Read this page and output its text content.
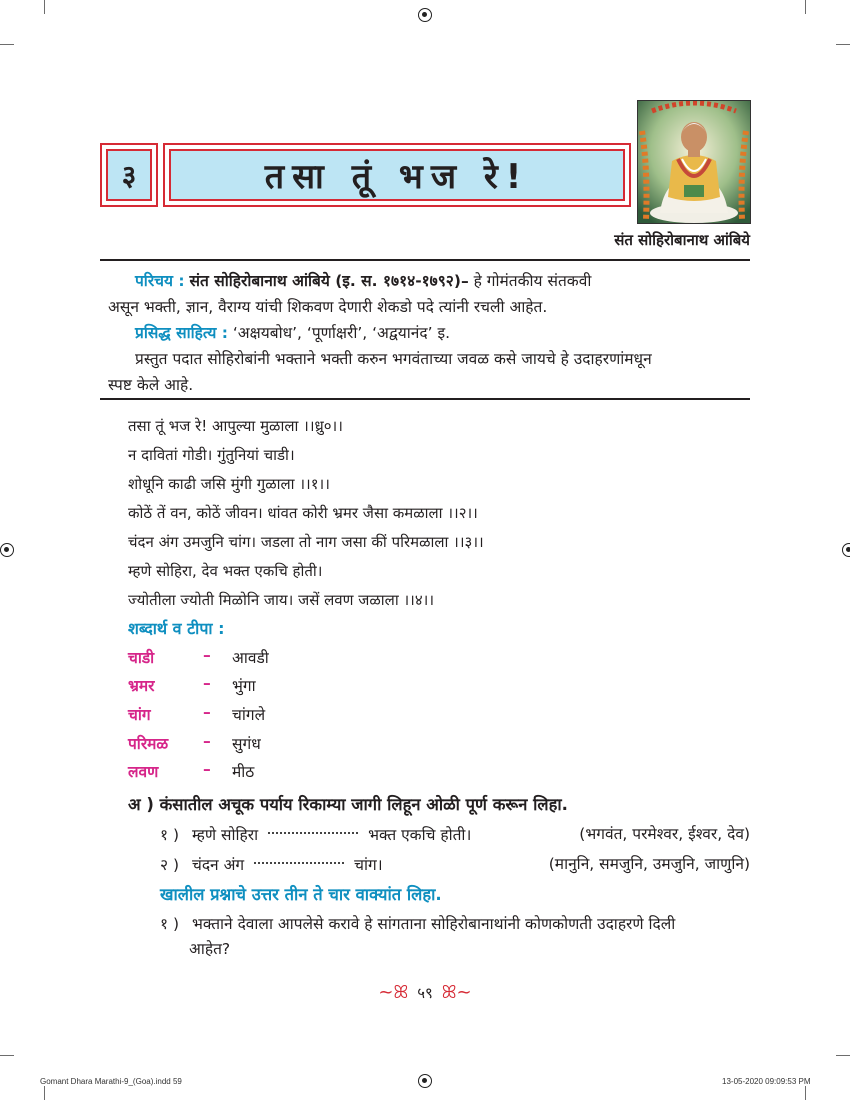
३	तसा तूं भज रे!
संत सोहिरोबानाथ आंबिये
परिचय : संत सोहिरोबानाथ आंबिये (इ. स. १७१४-१७९२)– हे गोमंतकीय संतकवी
असून भक्ती, ज्ञान, वैराग्य यांची शिकवण देणारी शेकडो पदे त्यांनी रचली आहेत.
प्रसिद्ध साहित्य : ‘अक्षयबोध’, ‘पूर्णाक्षरी’, ‘अद्वयानंद’ इ.
प्रस्तुत पदात सोहिरोबांनी भक्ताने भक्ती करुन भगवंताच्या जवळ कसे जायचे हे उदाहरणांमधून
स्पष्ट केले आहे.
तसा तूं भज रे! आपुल्या मुळाला ।।ध्रु०।।
न दावितां गोडी। गुंतुनियां चाडी।
शोधूनि काढी जसि मुंगी गुळाला ।।१।।
कोठें तें वन, कोठें जीवन। धांवत कोरी भ्रमर जैसा कमळाला ।।२।।
चंदन अंग उमजुनि चांग। जडला तो नाग जसा कीं परिमळाला ।।३।।
म्हणे सोहिरा, देव भक्त एकचि होती।
ज्योतीला ज्योती मिळोनि जाय। जसें लवण जळाला ।।४।।
शब्दार्थ व टीपा :
चाडी	– आवडी
भ्रमर	– भुंगा
चांग	– चांगले
परिमळ – सुगंध
लवण	– मीठ
अ ) कंसातील अचूक पर्याय रिकाम्या जागी लिहून ओळी पूर्ण करून लिहा.
१ ) म्हणे सोहिरा	भक्त एकचि होती।	(भगवंत, परमेश्वर, ईश्वर, देव)
२ ) चंदन अंग	चांग।	(मानुनि, समजुनि, उमजुनि, जाणुनि)
खालील प्रश्नाचे उत्तर तीन ते चार वाक्यांत लिहा.
१ ) भक्ताने देवाला आपलेसे करावे हे सांगताना सोहिरोबानाथांनी कोणकोणती उदाहरणे दिली
आहेत?
~ꕤ ५९ ꕤ~
Gomant Dhara Marathi-9_(Goa).indd 59	13-05-2020 09:09:53 PM
